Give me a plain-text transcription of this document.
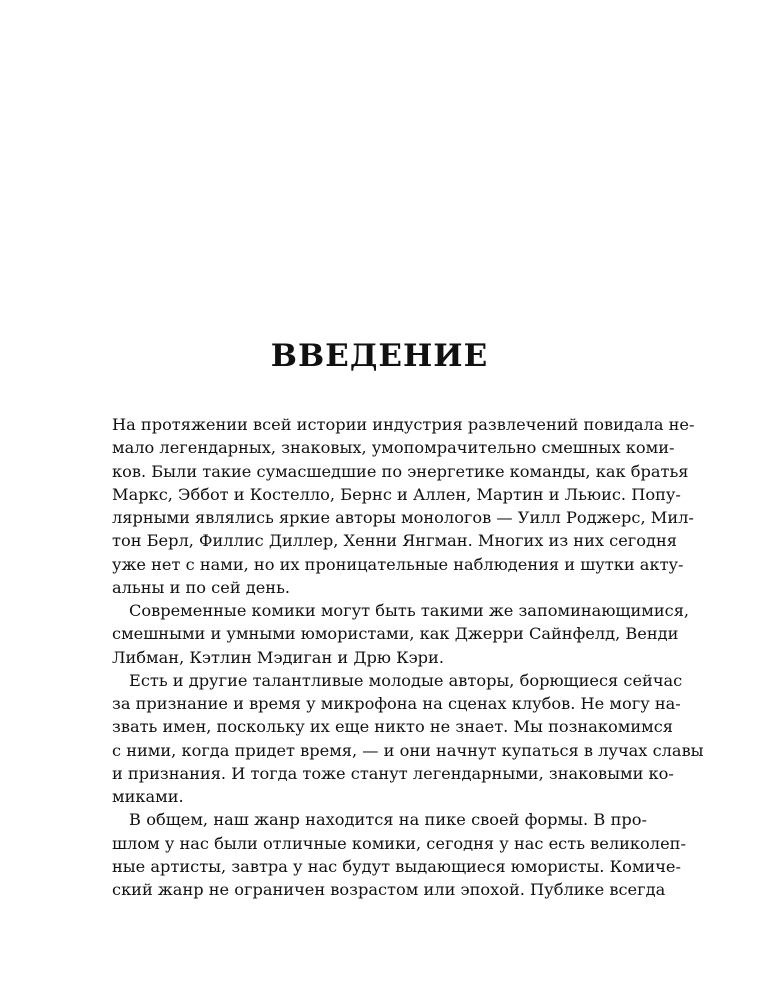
ВВЕДЕНИЕ

На протяжении всей истории индустрия развлечений повидала не-
мало легендарных, знаковых, умопомрачительно смешных коми-
ков. Были такие сумасшедшие по энергетике команды, как братья
Маркс, Эббот и Костелло, Бернс и Аллен, Мартин и Льюис. Попу-
лярными являлись яркие авторы монологов — Уилл Роджерс, Мил-
тон Берл, Филлис Диллер, Хенни Янгман. Многих из них сегодня
уже нет с нами, но их проницательные наблюдения и шутки акту-
альны и по сей день.

Современные комики могут быть такими же запоминающимися,
смешными и умными юмористами, как Джерри Сайнфелд, Венди
Либман, Кэтлин Мэдиган и Дрю Кэри.

Есть и другие талантливые молодые авторы, борющиеся сейчас
за признание и время у микрофона на сценах клубов. Не могу на-
звать имен, поскольку их еще никто не знает. Мы познакомимся
с ними, когда придет время, — и они начнут купаться в лучах славы
и признания. И тогда тоже станут легендарными, знаковыми ко-
миками.

В общем, наш жанр находится на пике своей формы. В про-
шлом у нас были отличные комики, сегодня у нас есть великолеп-
ные артисты, завтра у нас будут выдающиеся юмористы. Комиче-
ский жанр не ограничен возрастом или эпохой. Публике всегда
